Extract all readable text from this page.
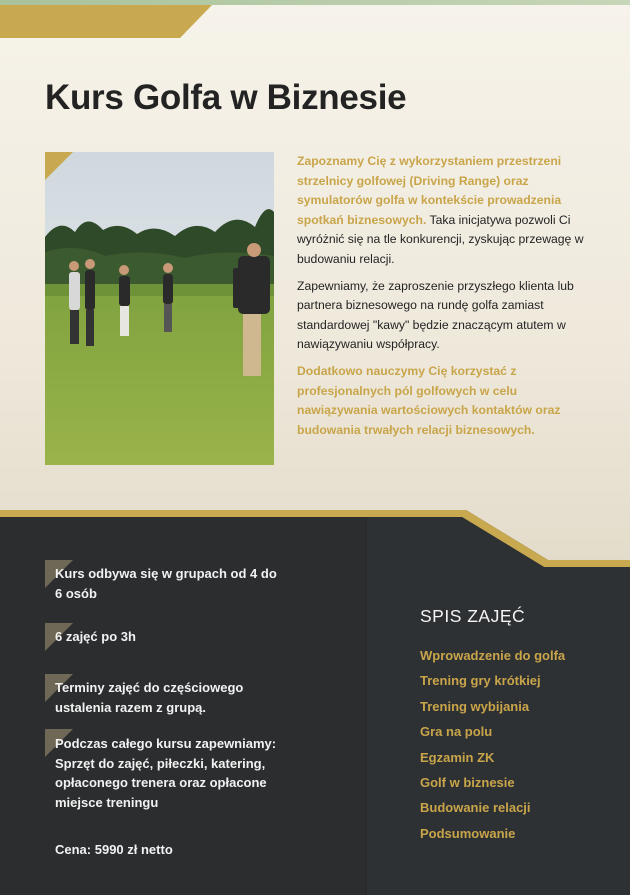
Kurs Golfa w Biznesie

Zapoznamy Cię z wykorzystaniem przestrzeni strzelnicy golfowej (Driving Range) oraz symulatorów golfa w kontekście prowadzenia spotkań biznesowych. Taka inicjatywa pozwoli Ci wyróżnić się na tle konkurencji, zyskując przewagę w budowaniu relacji.

Zapewniamy, że zaproszenie przyszłego klienta lub partnera biznesowego na rundę golfa zamiast standardowej "kawy" będzie znaczącym atutem w nawiązywaniu współpracy.

Dodatkowo nauczymy Cię korzystać z profesjonalnych pól golfowych w celu nawiązywania wartościowych kontaktów oraz budowania trwałych relacji biznesowych.

Kurs odbywa się w grupach od 4 do 6 osób
6 zajęć po 3h
Terminy zajęć do częściowego ustalenia razem z grupą.
Podczas całego kursu zapewniamy: Sprzęt do zajęć, piłeczki, katering, opłaconego trenera oraz opłacone miejsce treningu
Cena: 5990 zł netto
SPIS ZAJĘĆ
Wprowadzenie do golfa
Trening gry krótkiej
Trening wybijania
Gra na polu
Egzamin ZK
Golf w biznesie
Budowanie relacji
Podsumowanie
